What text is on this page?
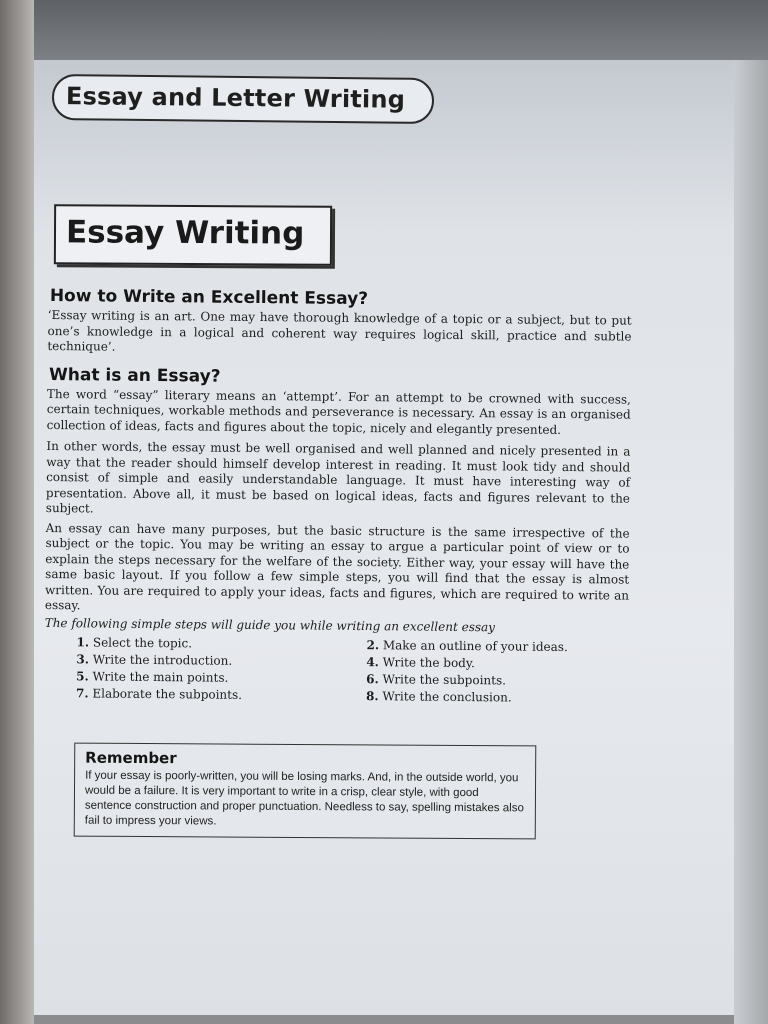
Essay and Letter Writing
Essay Writing
How to Write an Excellent Essay?

‘Essay writing is an art. One may have thorough knowledge of a topic or a subject, but to put one’s knowledge in a logical and coherent way requires logical skill, practice and subtle technique’.

What is an Essay?

The word “essay” literary means an ‘attempt’. For an attempt to be crowned with success, certain techniques, workable methods and perseverance is necessary. An essay is an organised collection of ideas, facts and figures about the topic, nicely and elegantly presented.

In other words, the essay must be well organised and well planned and nicely presented in a way that the reader should himself develop interest in reading. It must look tidy and should consist of simple and easily understandable language. It must have interesting way of presentation. Above all, it must be based on logical ideas, facts and figures relevant to the subject.

An essay can have many purposes, but the basic structure is the same irrespective of the subject or the topic. You may be writing an essay to argue a particular point of view or to explain the steps necessary for the welfare of the society. Either way, your essay will have the same basic layout. If you follow a few simple steps, you will find that the essay is almost written. You are required to apply your ideas, facts and figures, which are required to write an essay.

The following simple steps will guide you while writing an excellent essay

1. Select the topic.	2. Make an outline of your ideas.
3. Write the introduction.	4. Write the body.
5. Write the main points.	6. Write the subpoints.
7. Elaborate the subpoints.	8. Write the conclusion.
Remember
If your essay is poorly-written, you will be losing marks. And, in the outside world, you would be a failure. It is very important to write in a crisp, clear style, with good sentence construction and proper punctuation. Needless to say, spelling mistakes also fail to impress your views.
